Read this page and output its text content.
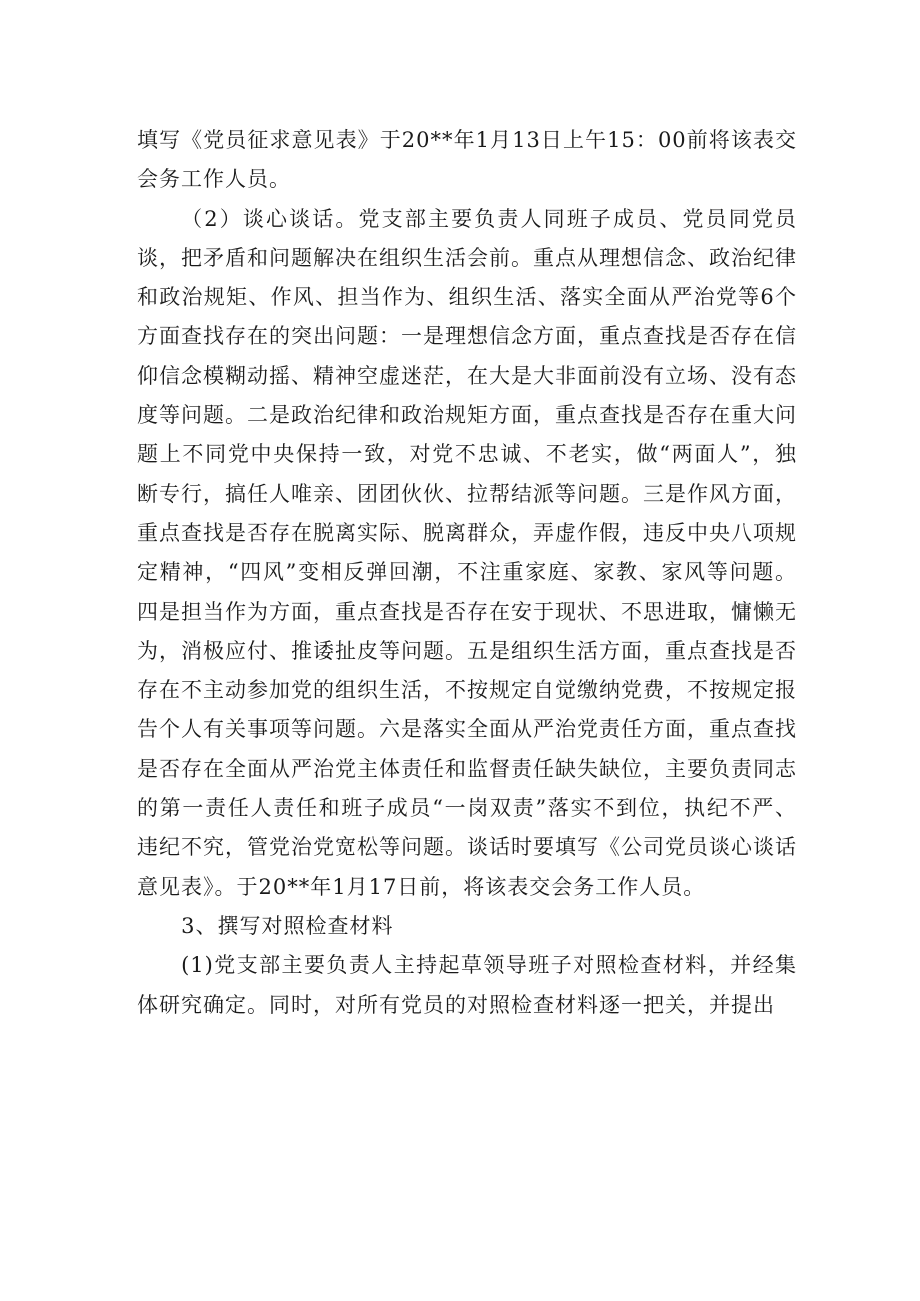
填写《党员征求意见表》于20**年1月13日上午15：00前将该表交会务工作人员。

（2）谈心谈话。党支部主要负责人同班子成员、党员同党员谈，把矛盾和问题解决在组织生活会前。重点从理想信念、政治纪律和政治规矩、作风、担当作为、组织生活、落实全面从严治党等6个方面查找存在的突出问题：一是理想信念方面，重点查找是否存在信仰信念模糊动摇、精神空虚迷茫，在大是大非面前没有立场、没有态度等问题。二是政治纪律和政治规矩方面，重点查找是否存在重大问题上不同党中央保持一致，对党不忠诚、不老实，做“两面人”，独断专行，搞任人唯亲、团团伙伙、拉帮结派等问题。三是作风方面，重点查找是否存在脱离实际、脱离群众，弄虚作假，违反中央八项规定精神，“四风”变相反弹回潮，不注重家庭、家教、家风等问题。四是担当作为方面，重点查找是否存在安于现状、不思进取，慵懒无为，消极应付、推诿扯皮等问题。五是组织生活方面，重点查找是否存在不主动参加党的组织生活，不按规定自觉缴纳党费，不按规定报告个人有关事项等问题。六是落实全面从严治党责任方面，重点查找是否存在全面从严治党主体责任和监督责任缺失缺位，主要负责同志的第一责任人责任和班子成员“一岗双责”落实不到位，执纪不严、违纪不究，管党治党宽松等问题。谈话时要填写《公司党员谈心谈话意见表》。于20**年1月17日前，将该表交会务工作人员。

3、撰写对照检查材料

(1)党支部主要负责人主持起草领导班子对照检查材料，并经集体研究确定。同时，对所有党员的对照检查材料逐一把关，并提出
